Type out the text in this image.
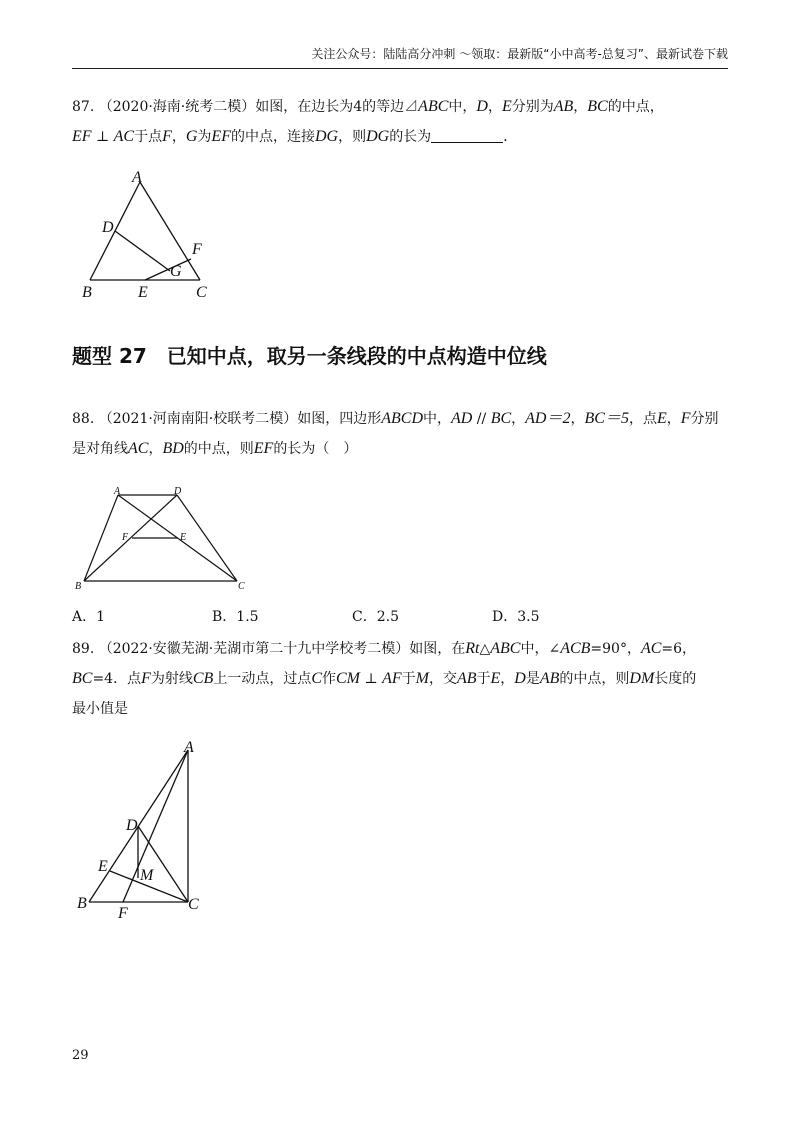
关注公众号：陆陆高分冲刺 ～领取：最新版“小中高考-总复习”、最新试卷下载
87. （2020·海南·统考二模）如图，在边长为4的等边⊿ABC中，D，E分别为AB，BC的中点，
EF ⊥ AC于点F，G为EF的中点，连接DG，则DG的长为	．
A
D
F
G
B	E	C
题型 27　已知中点，取另一条线段的中点构造中位线
88. （2021·河南南阳·校联考二模）如图，四边形ABCD中，AD // BC，AD＝2，BC＝5，点E，F分别
是对角线AC，BD的中点，则EF的长为（　）
A	D
F	E
B	C
A．1	B．1.5	C．2.5	D．3.5
89. （2022·安徽芜湖·芜湖市第二十九中学校考二模）如图，在Rt△ABC中，∠ACB=90°，AC=6，
BC=4．点F为射线CB上一动点，过点C作CM ⊥ AF于M，交AB于E，D是AB的中点，则DM长度的
最小值是
A
D
E
M
B
F
C
29
